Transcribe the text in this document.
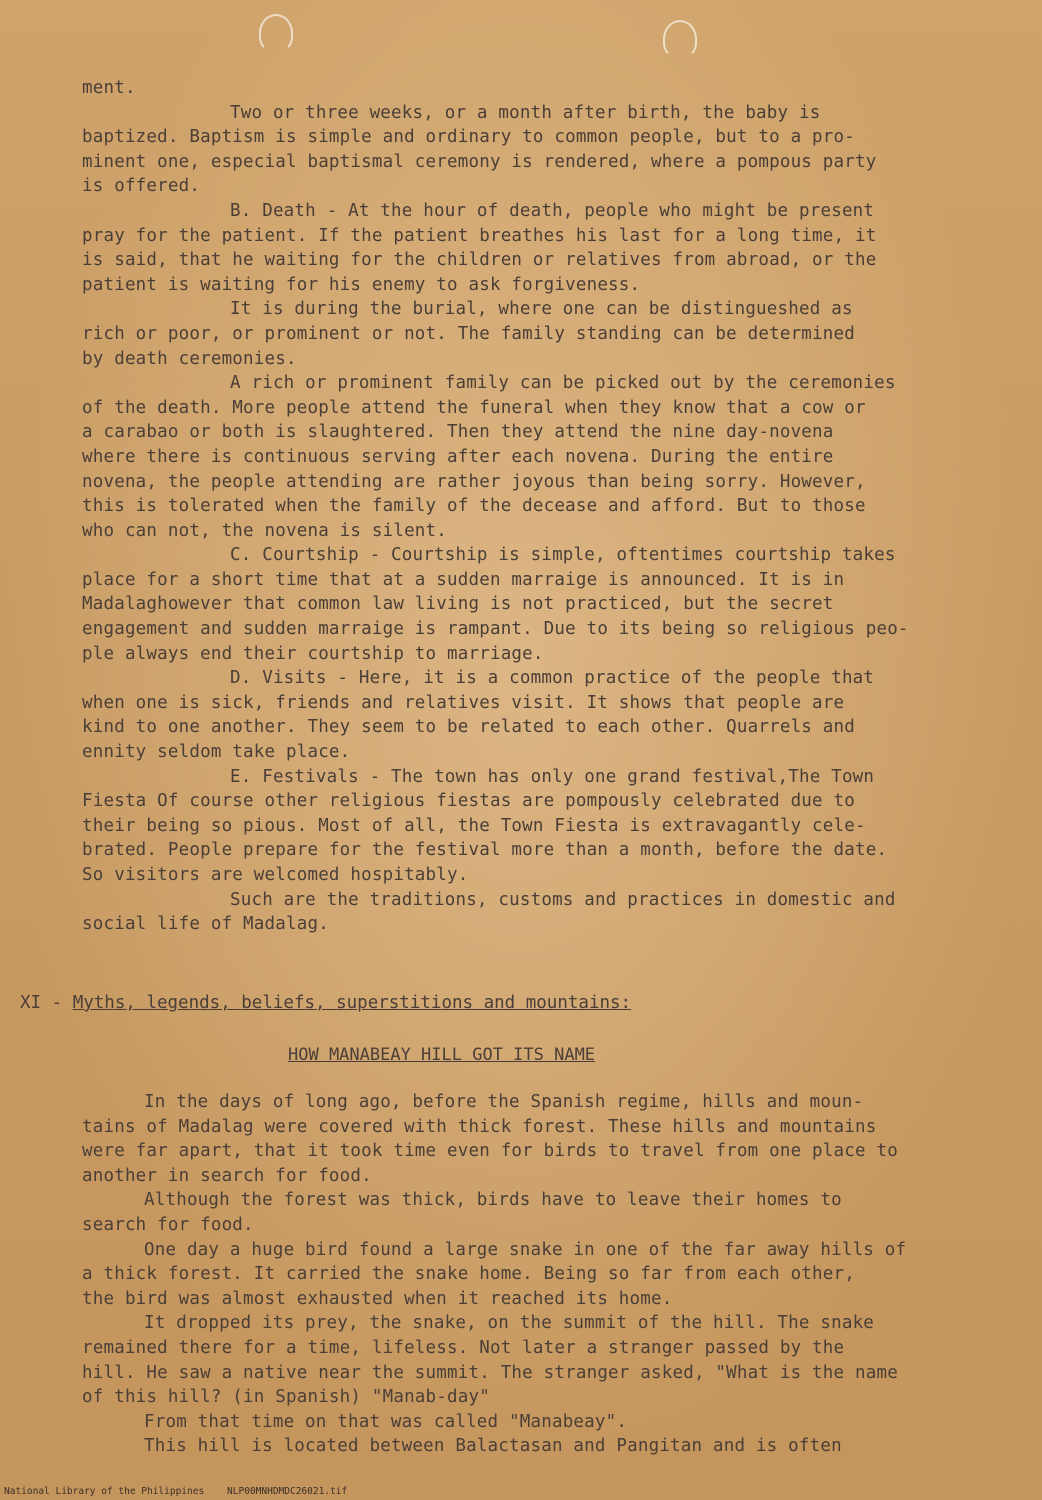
ment.
Two or three weeks, or a month after birth, the baby is
baptized. Baptism is simple and ordinary to common people, but to a pro-
minent one, especial baptismal ceremony is rendered, where a pompous party
is offered.
B. Death - At the hour of death, people who might be present
pray for the patient. If the patient breathes his last for a long time, it
is said, that he waiting for the children or relatives from abroad, or the
patient is waiting for his enemy to ask forgiveness.
It is during the burial, where one can be distingueshed as
rich or poor, or prominent or not. The family standing can be determined
by death ceremonies.
A rich or prominent family can be picked out by the ceremonies
of the death. More people attend the funeral when they know that a cow or
a carabao or both is slaughtered. Then they attend the nine day-novena
where there is continuous serving after each novena. During the entire
novena, the people attending are rather joyous than being sorry. However,
this is tolerated when the family of the decease and afford. But to those
who can not, the novena is silent.
C. Courtship - Courtship is simple, oftentimes courtship takes
place for a short time that at a sudden marraige is announced. It is in
Madalaghowever that common law living is not practiced, but the secret
engagement and sudden marraige is rampant. Due to its being so religious peo-
ple always end their courtship to marriage.
D. Visits - Here, it is a common practice of the people that
when one is sick, friends and relatives visit. It shows that people are
kind to one another. They seem to be related to each other. Quarrels and
ennity seldom take place.
E. Festivals - The town has only one grand festival,The Town
Fiesta Of course other religious fiestas are pompously celebrated due to
their being so pious. Most of all, the Town Fiesta is extravagantly cele-
brated. People prepare for the festival more than a month, before the date.
So visitors are welcomed hospitably.
Such are the traditions, customs and practices in domestic and
social life of Madalag.
XI - Myths, legends, beliefs, superstitions and mountains:
HOW MANABEAY HILL GOT ITS NAME
In the days of long ago, before the Spanish regime, hills and moun-
tains of Madalag were covered with thick forest. These hills and mountains
were far apart, that it took time even for birds to travel from one place to
another in search for food.
Although the forest was thick, birds have to leave their homes to
search for food.
One day a huge bird found a large snake in one of the far away hills of
a thick forest. It carried the snake home. Being so far from each other,
the bird was almost exhausted when it reached its home.
It dropped its prey, the snake, on the summit of the hill. The snake
remained there for a time, lifeless. Not later a stranger passed by the
hill. He saw a native near the summit. The stranger asked, "What is the name
of this hill? (in Spanish) "Manab-day"
From that time on that was called "Manabeay".
This hill is located between Balactasan and Pangitan and is often
National Library of the Philippines    NLP00MNHDMDC26021.tif
